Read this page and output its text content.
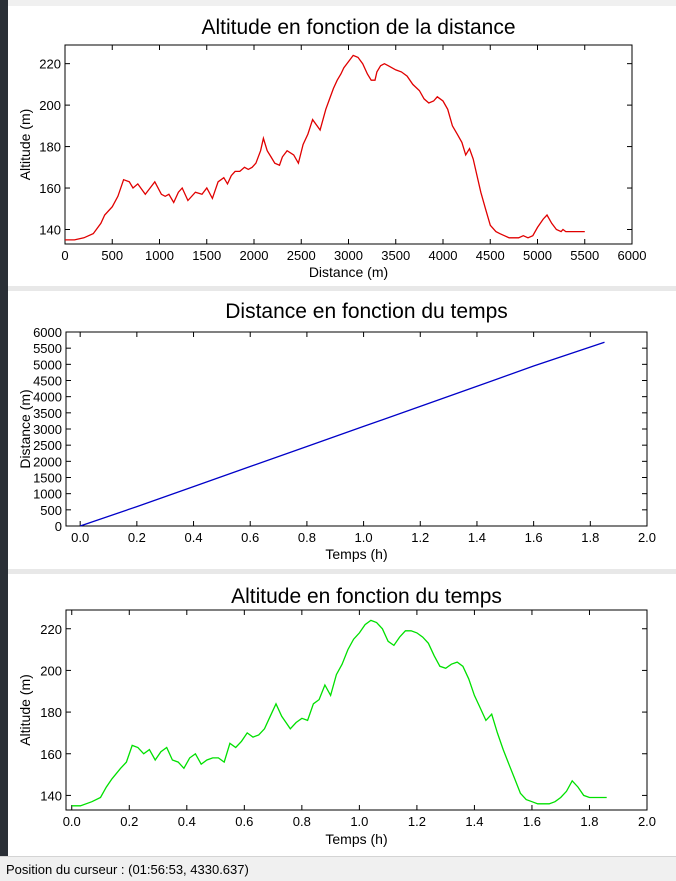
Altitude en fonction de la distance
0	500 1000 1500 2000 2500 3000 3500 4000 4500 5000 5500 6000
140
160
180
200
220
Distance (m)
Altitude (m)
Distance en fonction du temps
0.0	0.2	0.4	0.6	0.8	1.0	1.2	1.4	1.6	1.8	2.0
0
500
1000
1500
2000
2500
3000
3500
4000
4500
5000
5500
6000
Temps (h)
Distance (m)
Altitude en fonction du temps
0.0	0.2	0.4	0.6	0.8	1.0	1.2	1.4	1.6	1.8	2.0
140
160
180
200
220
Temps (h)
Altitude (m)
Position du curseur : (01:56:53, 4330.637)
